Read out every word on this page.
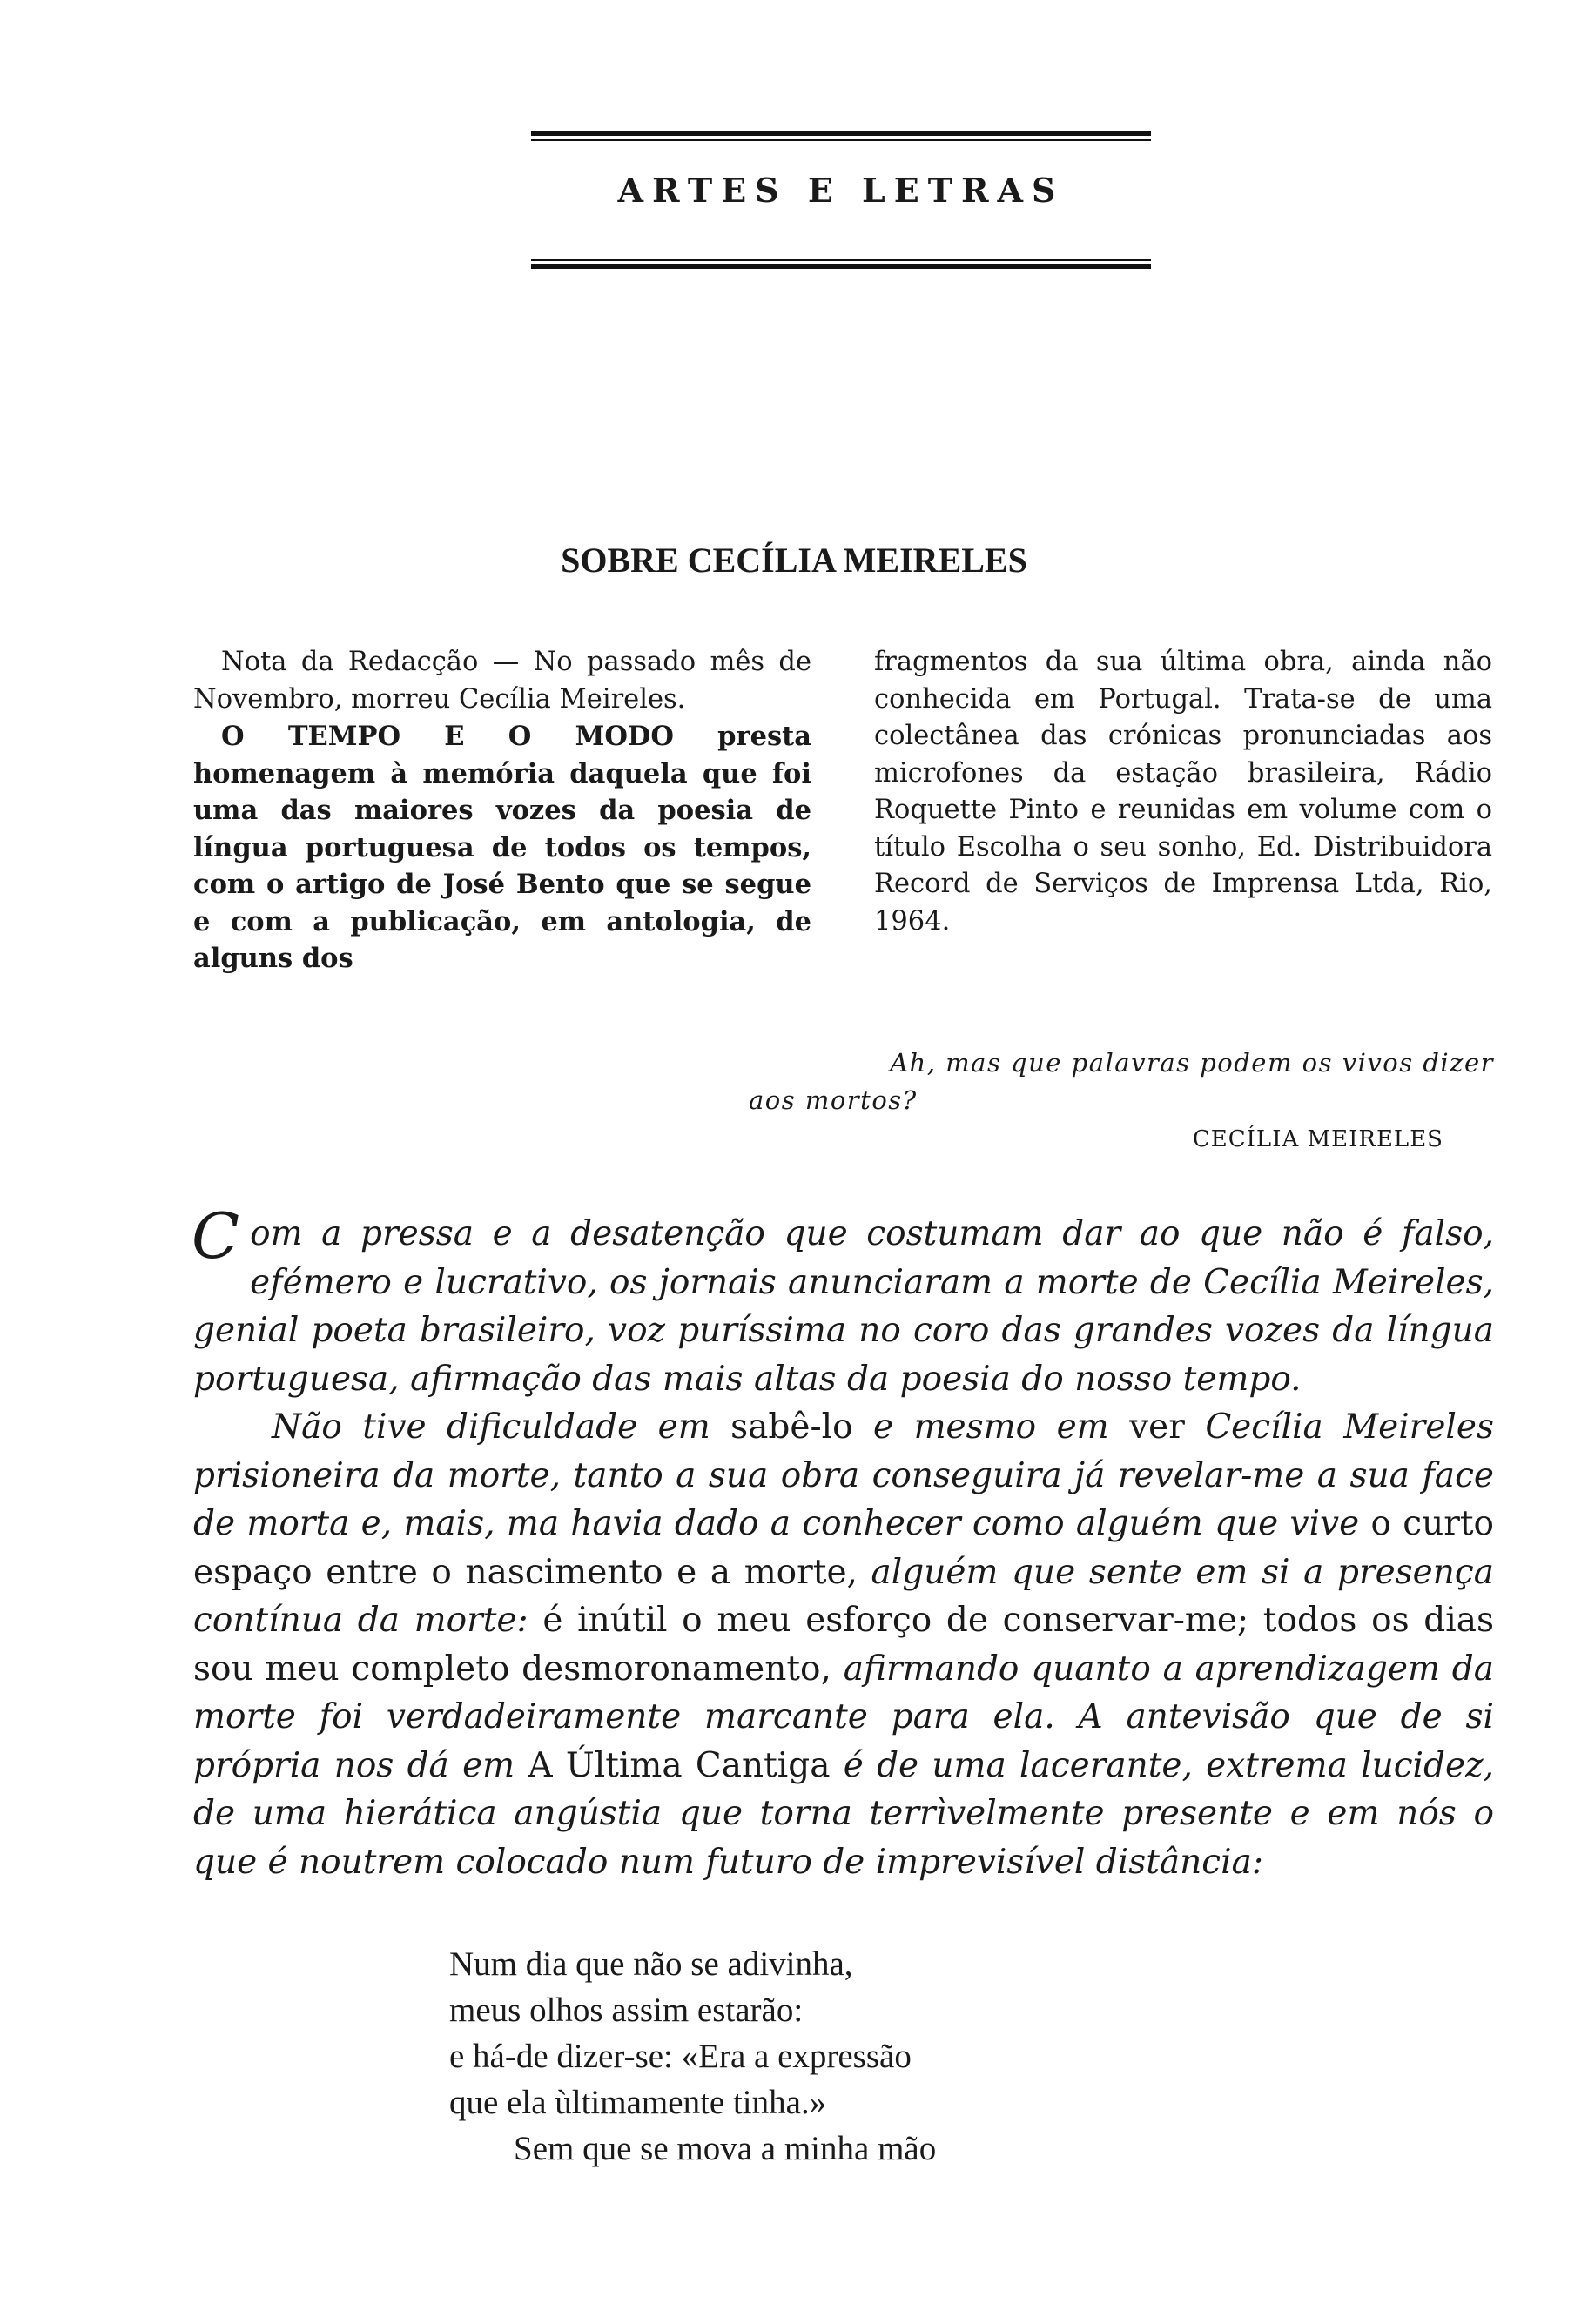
ARTES E LETRAS
SOBRE CECÍLIA MEIRELES

Nota da Redacção — No passado mês de Novembro, morreu Cecília Meireles.

O TEMPO E O MODO presta homenagem à memória daquela que foi uma das maiores vozes da poesia de língua portuguesa de todos os tempos, com o artigo de José Bento que se segue e com a publicação, em antologia, de alguns dos

fragmentos da sua última obra, ainda não conhecida em Portugal. Trata-se de uma colectânea das crónicas pronunciadas aos microfones da estação brasileira, Rádio Roquette Pinto e reunidas em volume com o título Escolha o seu sonho, Ed. Distribuidora Record de Serviços de Imprensa Ltda, Rio, 1964.

Ah, mas que palavras podem os vivos dizer
aos mortos?
CECÍLIA MEIRELES

Com a pressa e a desatenção que costumam dar ao que não é falso, efémero e lucrativo, os jornais anunciaram a morte de Cecília Meireles, genial poeta brasileiro, voz puríssima no coro das grandes vozes da língua portuguesa, afirmação das mais altas da poesia do nosso tempo.

Não tive dificuldade em sabê-lo e mesmo em ver Cecília Meireles prisioneira da morte, tanto a sua obra conseguira já revelar-me a sua face de morta e, mais, ma havia dado a conhecer como alguém que vive o curto espaço entre o nascimento e a morte, alguém que sente em si a presença contínua da morte: é inútil o meu esforço de conservar-me; todos os dias sou meu completo desmoronamento, afirmando quanto a aprendizagem da morte foi verdadeiramente marcante para ela. A antevisão que de si própria nos dá em A Última Cantiga é de uma lacerante, extrema lucidez, de uma hierática angústia que torna terrìvelmente presente e em nós o que é noutrem colocado num futuro de imprevisível distância:

Num dia que não se adivinha,
meus olhos assim estarão:
e há-de dizer-se: «Era a expressão
que ela ùltimamente tinha.»
Sem que se mova a minha mão
